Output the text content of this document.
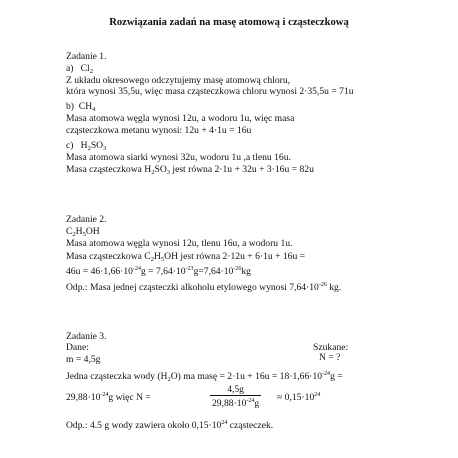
Rozwiązania zadań na masę atomową i cząsteczkową
Zadanie 1.
a) $Cl_2$
Z układu okresowego odczytujemy masę atomową chloru,
która wynosi 35,5u, więc masa cząsteczkowa chloru wynosi 2·35,5u = 71u
b) $CH_4$
Masa atomowa węgla wynosi 12u, a wodoru 1u, więc masa
cząsteczkowa metanu wynosi: 12u + 4·1u = 16u
c) $H_2SO_3$
Masa atomowa siarki wynosi 32u, wodoru 1u ,a tlenu 16u.
Masa cząsteczkowa $H_2SO_3$ jest równa 2·1u + 32u + 3·16u = 82u
Zadanie 2.
$C_2H_5OH$
Masa atomowa węgla wynosi 12u, tlenu 16u, a wodoru 1u.
Masa cząsteczkowa $C_2H_5OH$ jest równa 2·12u + 6·1u + 16u =
$46u = 46\cdot 1,66\cdot 10^{-24}g = 7,64\cdot 10^{-23}g=7,64\cdot 10^{-26}kg$
Odp.: Masa jednej cząsteczki alkoholu etylowego wynosi $7,64\cdot 10^{-26}$ kg.
Zadanie 3.
Dane:	Szukane:
m = 4,5g	N = ?
Jedna cząsteczka wody $(H_2O)$ ma masę = $2\cdot 1u + 16u = 18\cdot 1,66\cdot 10^{-24}g$ =
$29,88\cdot 10^{-24}g$ więc N =	$\frac{4,5g}{29,88\cdot 10^{-24}g} \approx 0,15\cdot 10^{24}$
Odp.: 4.5 g wody zawiera około $0,15\cdot 10^{24}$ cząsteczek.
